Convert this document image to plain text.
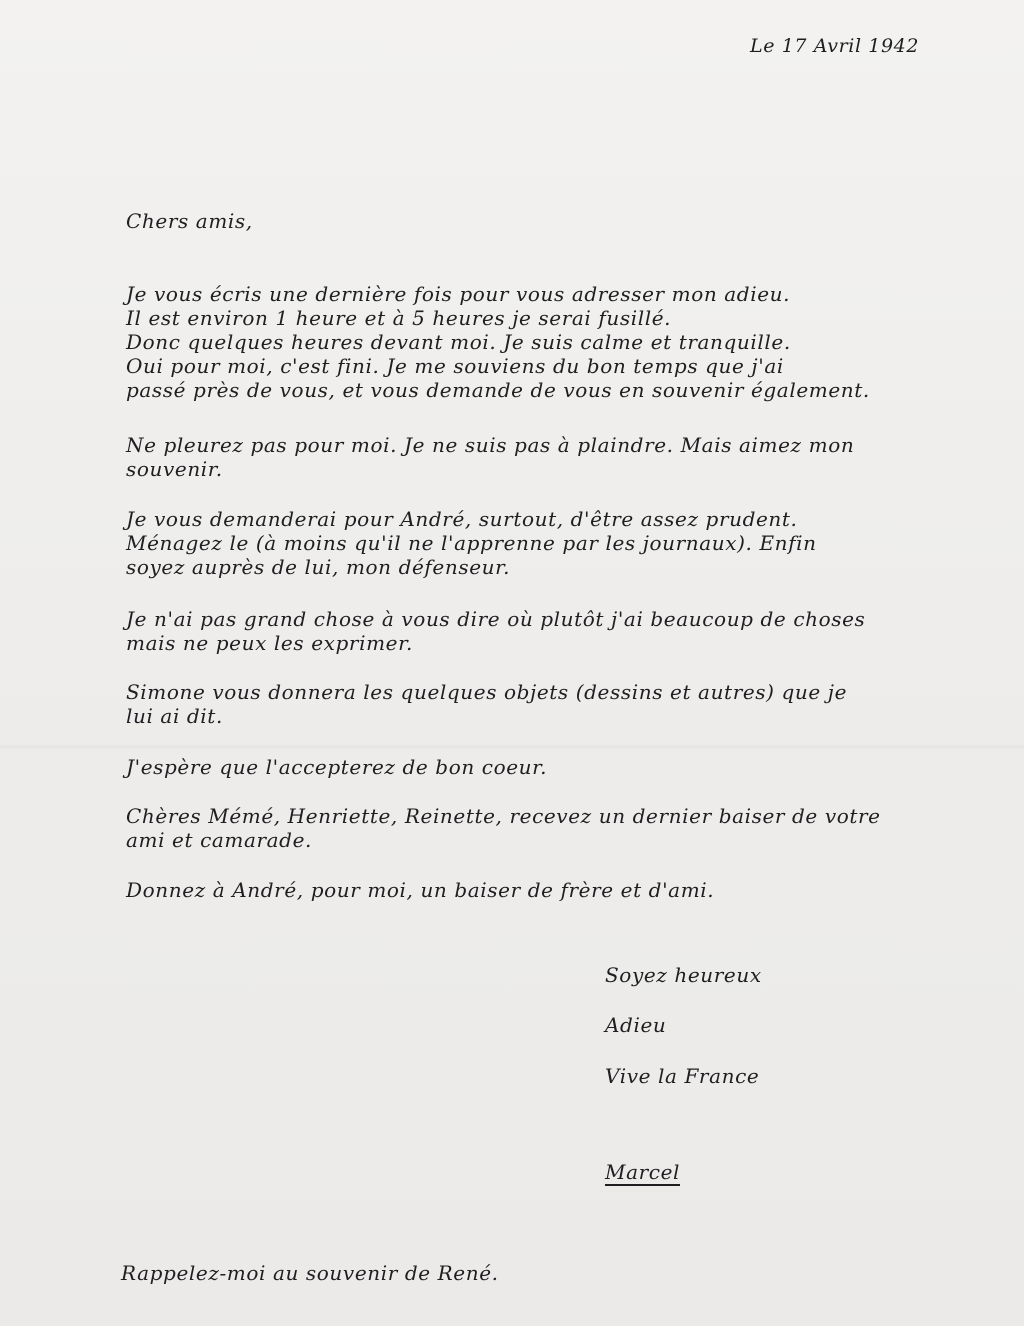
Le 17 Avril 1942
Chers amis,
Je vous écris une dernière fois pour vous adresser mon adieu.
Il est environ 1 heure et à 5 heures je serai fusillé.
Donc quelques heures devant moi. Je suis calme et tranquille.
Oui pour moi, c'est fini. Je me souviens du bon temps que j'ai
passé près de vous, et vous demande de vous en souvenir également.
Ne pleurez pas pour moi. Je ne suis pas à plaindre. Mais aimez mon
souvenir.
Je vous demanderai pour André, surtout, d'être assez prudent.
Ménagez le (à moins qu'il ne l'apprenne par les journaux). Enfin
soyez auprès de lui, mon défenseur.
Je n'ai pas grand chose à vous dire où plutôt j'ai beaucoup de choses
mais ne peux les exprimer.
Simone vous donnera les quelques objets (dessins et autres) que je
lui ai dit.
J'espère que l'accepterez de bon coeur.
Chères Mémé, Henriette, Reinette, recevez un dernier baiser de votre
ami et camarade.
Donnez à André, pour moi, un baiser de frère et d'ami.
Soyez heureux
Adieu
Vive la France
Marcel
Rappelez-moi au souvenir de René.
